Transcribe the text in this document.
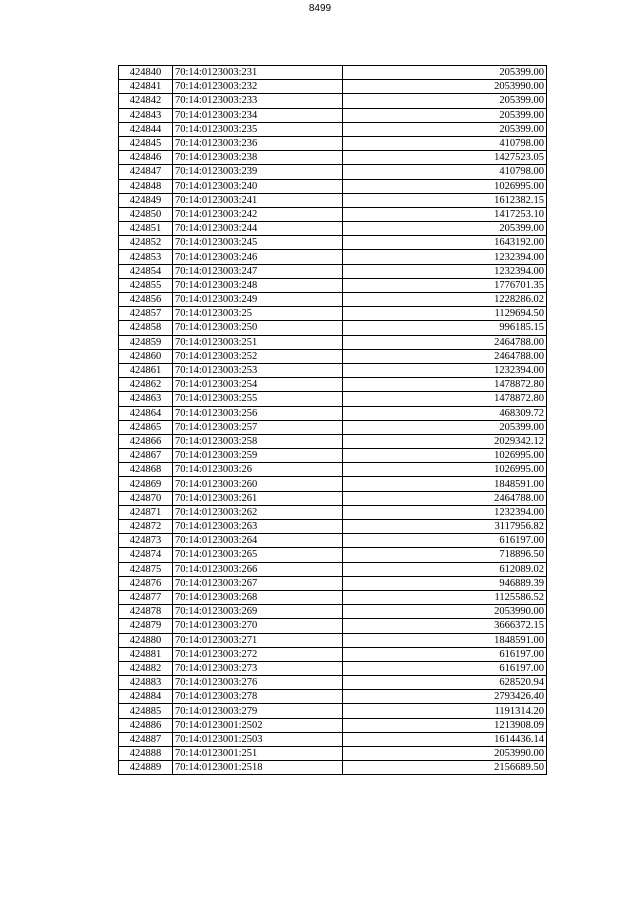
8499
424840	70:14:0123003:231	205399.00
424841	70:14:0123003:232	2053990.00
424842	70:14:0123003:233	205399.00
424843	70:14:0123003:234	205399.00
424844	70:14:0123003:235	205399.00
424845	70:14:0123003:236	410798.00
424846	70:14:0123003:238	1427523.05
424847	70:14:0123003:239	410798.00
424848	70:14:0123003:240	1026995.00
424849	70:14:0123003:241	1612382.15
424850	70:14:0123003:242	1417253.10
424851	70:14:0123003:244	205399.00
424852	70:14:0123003:245	1643192.00
424853	70:14:0123003:246	1232394.00
424854	70:14:0123003:247	1232394.00
424855	70:14:0123003:248	1776701.35
424856	70:14:0123003:249	1228286.02
424857	70:14:0123003:25	1129694.50
424858	70:14:0123003:250	996185.15
424859	70:14:0123003:251	2464788.00
424860	70:14:0123003:252	2464788.00
424861	70:14:0123003:253	1232394.00
424862	70:14:0123003:254	1478872.80
424863	70:14:0123003:255	1478872.80
424864	70:14:0123003:256	468309.72
424865	70:14:0123003:257	205399.00
424866	70:14:0123003:258	2029342.12
424867	70:14:0123003:259	1026995.00
424868	70:14:0123003:26	1026995.00
424869	70:14:0123003:260	1848591.00
424870	70:14:0123003:261	2464788.00
424871	70:14:0123003:262	1232394.00
424872	70:14:0123003:263	3117956.82
424873	70:14:0123003:264	616197.00
424874	70:14:0123003:265	718896.50
424875	70:14:0123003:266	612089.02
424876	70:14:0123003:267	946889.39
424877	70:14:0123003:268	1125586.52
424878	70:14:0123003:269	2053990.00
424879	70:14:0123003:270	3666372.15
424880	70:14:0123003:271	1848591.00
424881	70:14:0123003:272	616197.00
424882	70:14:0123003:273	616197.00
424883	70:14:0123003:276	628520.94
424884	70:14:0123003:278	2793426.40
424885	70:14:0123003:279	1191314.20
424886	70:14:0123001:2502	1213908.09
424887	70:14:0123001:2503	1614436.14
424888	70:14:0123001:251	2053990.00
424889	70:14:0123001:2518	2156689.50
